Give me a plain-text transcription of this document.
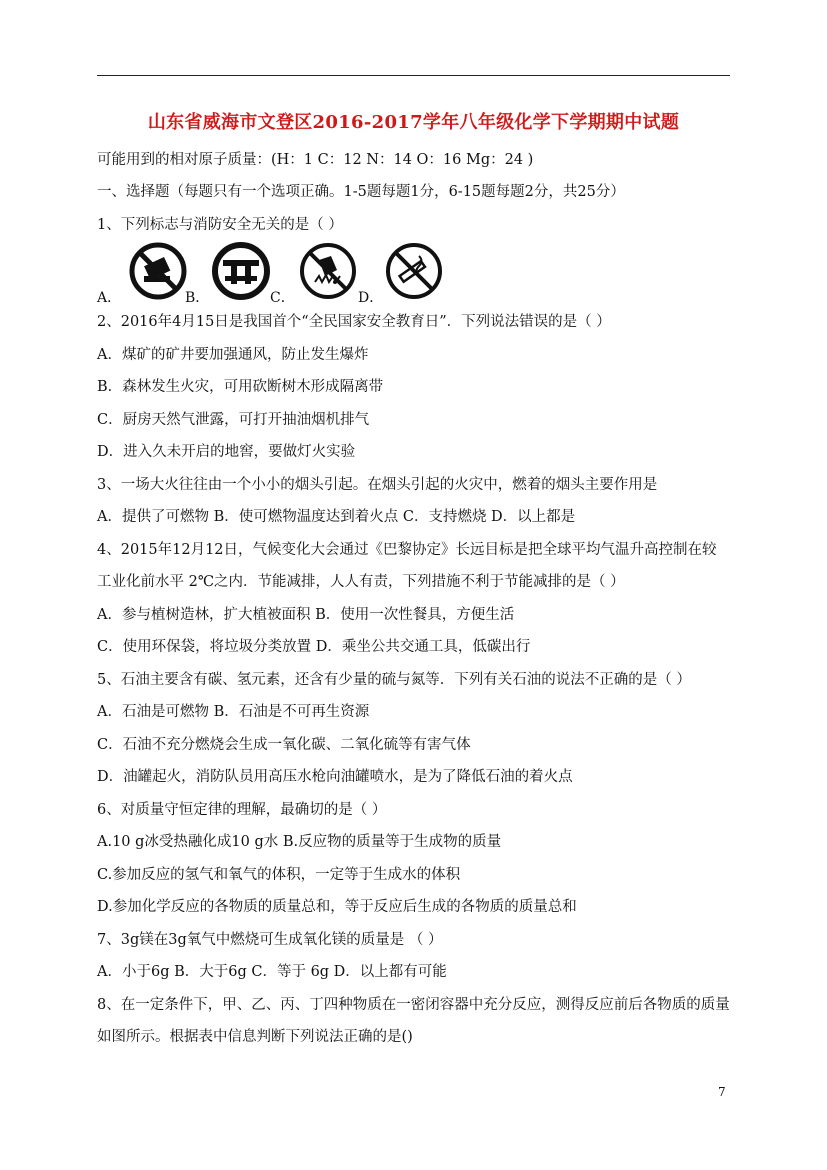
山东省威海市文登区2016-2017学年八年级化学下学期期中试题
可能用到的相对原子质量：(H：1 C：12 N：14 O：16 Mg：24 )
一、选择题（每题只有一个选项正确。1-5题每题1分，6-15题每题2分，共25分）
1、下列标志与消防安全无关的是（ ）
A．	B．	C．	D．
2、2016年4月15日是我国首个“全民国家安全教育日”．下列说法错误的是（ ）
A．煤矿的矿井要加强通风，防止发生爆炸
B．森林发生火灾，可用砍断树木形成隔离带
C．厨房天然气泄露，可打开抽油烟机排气
D．进入久未开启的地窖，要做灯火实验
3、一场大火往往由一个小小的烟头引起。在烟头引起的火灾中，燃着的烟头主要作用是
A．提供了可燃物 B．使可燃物温度达到着火点 C．支持燃烧 D．以上都是
4、2015年12月12日，气候变化大会通过《巴黎协定》长远目标是把全球平均气温升高控制在较
工业化前水平 2℃之内．节能减排，人人有责，下列措施不利于节能减排的是（ ）
A．参与植树造林，扩大植被面积 B．使用一次性餐具，方便生活
C．使用环保袋，将垃圾分类放置 D．乘坐公共交通工具，低碳出行
5、石油主要含有碳、氢元素，还含有少量的硫与氮等．下列有关石油的说法不正确的是（ ）
A．石油是可燃物 B．石油是不可再生资源
C．石油不充分燃烧会生成一氧化碳、二氧化硫等有害气体
D．油罐起火，消防队员用高压水枪向油罐喷水，是为了降低石油的着火点
6、对质量守恒定律的理解，最确切的是（ ）
A.10 g冰受热融化成10 g水 B.反应物的质量等于生成物的质量
C.参加反应的氢气和氧气的体积，一定等于生成水的体积
D.参加化学反应的各物质的质量总和，等于反应后生成的各物质的质量总和
7、3g镁在3g氧气中燃烧可生成氧化镁的质量是 （ ）
A．小于6g B．大于6g C．等于 6g D．以上都有可能
8、在一定条件下，甲、乙、丙、丁四种物质在一密闭容器中充分反应，测得反应前后各物质的质量
如图所示。根据表中信息判断下列说法正确的是()
7
